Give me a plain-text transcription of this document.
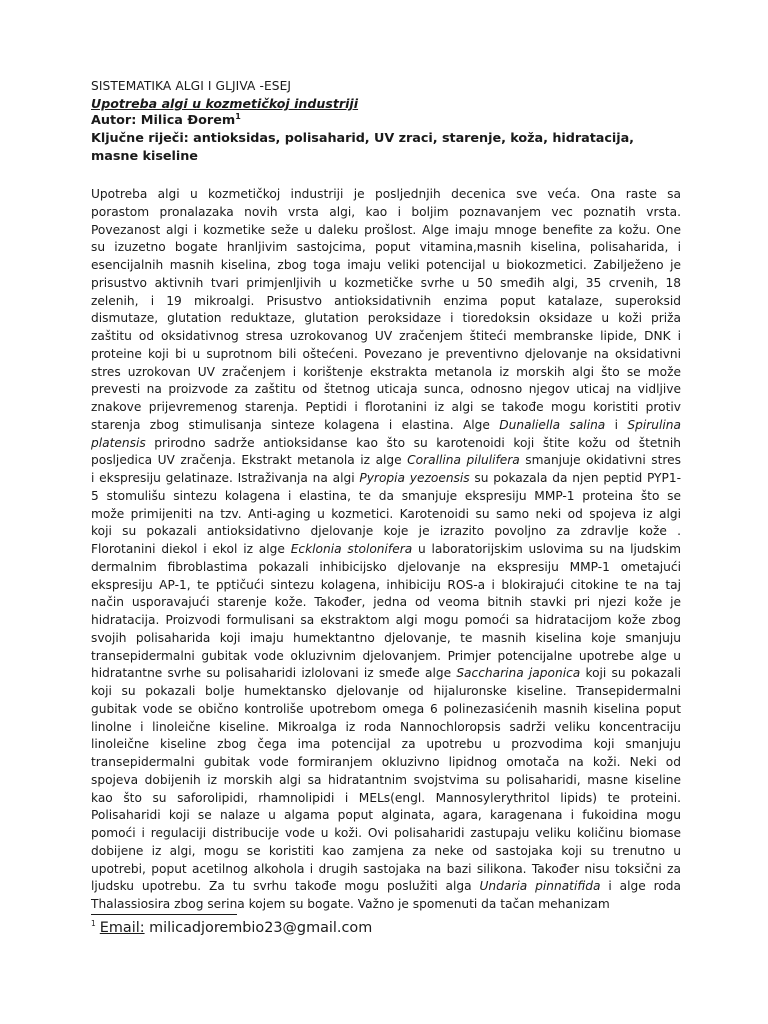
SISTEMATIKA ALGI I GLJIVA -ESEJ
Upotreba algi u kozmetičkoj industriji
Autor: Milica Đorem$^1$
Ključne riječi: antioksidas, polisaharid, UV zraci, starenje, koža, hidratacija, masne kiseline
Upotreba algi u kozmetičkoj industriji je posljednjih decenica sve veća. Ona raste sa
porastom pronalazaka novih vrsta algi, kao i boljim poznavanjem vec poznatih vrsta.
Povezanost algi i kozmetike seže u daleku prošlost. Alge imaju mnoge benefite za kožu. One
su izuzetno bogate hranljivim sastojcima, poput vitamina,masnih kiselina, polisaharida, i
esencijalnih masnih kiselina, zbog toga imaju veliki potencijal u biokozmetici. Zabilježeno je
prisustvo aktivnih tvari primjenljivih u kozmetičke svrhe u 50 smeđih algi, 35 crvenih, 18
zelenih, i 19 mikroalgi. Prisustvo antioksidativnih enzima poput katalaze, superoksid
dismutaze, glutation reduktaze, glutation peroksidaze i tioredoksin oksidaze u koži priža
zaštitu od oksidativnog stresa uzrokovanog UV zračenjem štiteći membranske lipide, DNK i
proteine koji bi u suprotnom bili oštećeni. Povezano je preventivno djelovanje na oksidativni
stres uzrokovan UV zračenjem i korištenje ekstrakta metanola iz morskih algi što se može
prevesti na proizvode za zaštitu od štetnog uticaja sunca, odnosno njegov uticaj na vidljive
znakove prijevremenog starenja. Peptidi i florotanini iz algi se takođe mogu koristiti protiv
starenja zbog stimulisanja sinteze kolagena i elastina. Alge Dunaliella salina i Spirulina
platensis prirodno sadrže antioksidanse kao što su karotenoidi koji štite kožu od štetnih
posljedica UV zračenja. Ekstrakt metanola iz alge Corallina pilulifera smanjuje okidativni stres
i ekspresiju gelatinaze. Istraživanja na algi Pyropia yezoensis su pokazala da njen peptid PYP1-
5 stomulišu sintezu kolagena i elastina, te da smanjuje ekspresiju MMP-1 proteina što se
može primijeniti na tzv. Anti-aging u kozmetici. Karotenoidi su samo neki od spojeva iz algi
koji su pokazali antioksidativno djelovanje koje je izrazito povoljno za zdravlje kože .
Florotanini diekol i ekol iz alge Ecklonia stolonifera u laboratorijskim uslovima su na ljudskim
dermalnim fibroblastima pokazali inhibicijsko djelovanje na ekspresiju MMP-1 ometajući
ekspresiju AP-1, te pptičući sintezu kolagena, inhibiciju ROS-a i blokirajući citokine te na taj
način usporavajući starenje kože. Također, jedna od veoma bitnih stavki pri njezi kože je
hidratacija. Proizvodi formulisani sa ekstraktom algi mogu pomoći sa hidratacijom kože zbog
svojih polisaharida koji imaju humektantno djelovanje, te masnih kiselina koje smanjuju
transepidermalni gubitak vode okluzivnim djelovanjem. Primjer potencijalne upotrebe alge u
hidratantne svrhe su polisaharidi izlolovani iz smeđe alge Saccharina japonica koji su pokazali
koji su pokazali bolje humektansko djelovanje od hijaluronske kiseline. Transepidermalni
gubitak vode se obično kontroliše upotrebom omega 6 polinezasićenih masnih kiselina poput
linolne i linoleične kiseline. Mikroalga iz roda Nannochloropsis sadrži veliku koncentraciju
linoleične kiseline zbog čega ima potencijal za upotrebu u prozvodima koji smanjuju
transepidermalni gubitak vode formiranjem okluzivno lipidnog omotača na koži. Neki od
spojeva dobijenih iz morskih algi sa hidratantnim svojstvima su polisaharidi, masne kiseline
kao što su saforolipidi, rhamnolipidi i MELs(engl. Mannosylerythritol lipids) te proteini.
Polisaharidi koji se nalaze u algama poput alginata, agara, karagenana i fukoidina mogu
pomoći i regulaciji distribucije vode u koži. Ovi polisaharidi zastupaju veliku količinu biomase
dobijene iz algi, mogu se koristiti kao zamjena za neke od sastojaka koji su trenutno u
upotrebi, poput acetilnog alkohola i drugih sastojaka na bazi silikona. Također nisu toksični za
ljudsku upotrebu. Za tu svrhu takođe mogu poslužiti alga Undaria pinnatifida i alge roda
Thalassiosira zbog serina kojem su bogate. Važno je spomenuti da tačan mehanizam
$^1$ Email: milicadjorembio23@gmail.com
